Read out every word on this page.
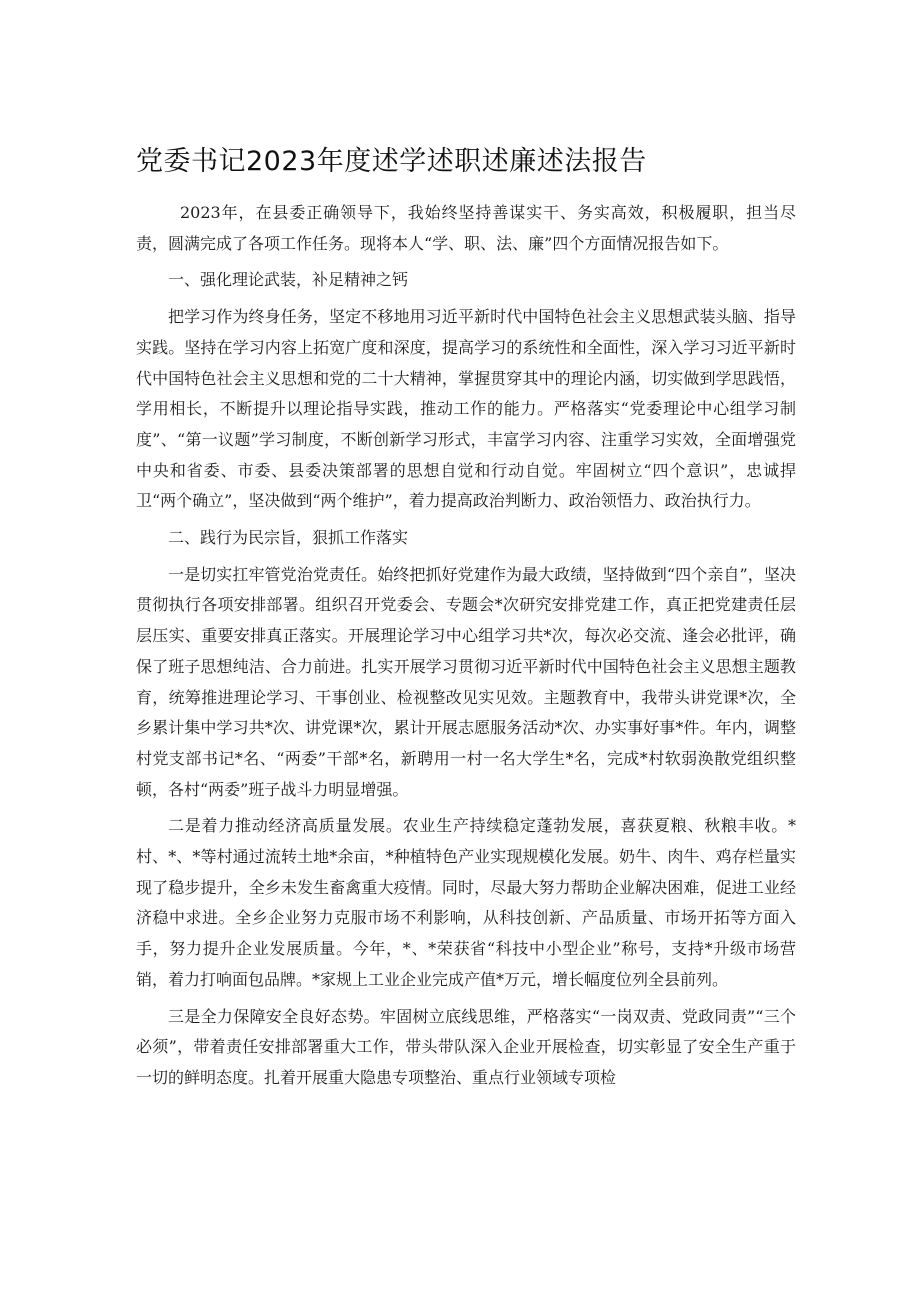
党委书记2023年度述学述职述廉述法报告

2023年，在县委正确领导下，我始终坚持善谋实干、务实高效，积极履职，担当尽责，圆满完成了各项工作任务。现将本人“学、职、法、廉”四个方面情况报告如下。

一、强化理论武装，补足精神之钙

把学习作为终身任务，坚定不移地用习近平新时代中国特色社会主义思想武装头脑、指导实践。坚持在学习内容上拓宽广度和深度，提高学习的系统性和全面性，深入学习习近平新时代中国特色社会主义思想和党的二十大精神，掌握贯穿其中的理论内涵，切实做到学思践悟，学用相长，不断提升以理论指导实践，推动工作的能力。严格落实“党委理论中心组学习制度”、“第一议题”学习制度，不断创新学习形式，丰富学习内容、注重学习实效，全面增强党中央和省委、市委、县委决策部署的思想自觉和行动自觉。牢固树立“四个意识”，忠诚捍卫“两个确立”，坚决做到“两个维护”，着力提高政治判断力、政治领悟力、政治执行力。

二、践行为民宗旨，狠抓工作落实

一是切实扛牢管党治党责任。始终把抓好党建作为最大政绩，坚持做到“四个亲自”，坚决贯彻执行各项安排部署。组织召开党委会、专题会*次研究安排党建工作，真正把党建责任层层压实、重要安排真正落实。开展理论学习中心组学习共*次，每次必交流、逢会必批评，确保了班子思想纯洁、合力前进。扎实开展学习贯彻习近平新时代中国特色社会主义思想主题教育，统筹推进理论学习、干事创业、检视整改见实见效。主题教育中，我带头讲党课*次，全乡累计集中学习共*次、讲党课*次，累计开展志愿服务活动*次、办实事好事*件。年内，调整村党支部书记*名、“两委”干部*名，新聘用一村一名大学生*名，完成*村软弱涣散党组织整顿，各村“两委”班子战斗力明显增强。

二是着力推动经济高质量发展。农业生产持续稳定蓬勃发展，喜获夏粮、秋粮丰收。*村、*、*等村通过流转土地*余亩，*种植特色产业实现规模化发展。奶牛、肉牛、鸡存栏量实现了稳步提升，全乡未发生畜禽重大疫情。同时，尽最大努力帮助企业解决困难，促进工业经济稳中求进。全乡企业努力克服市场不利影响，从科技创新、产品质量、市场开拓等方面入手，努力提升企业发展质量。今年，*、*荣获省“科技中小型企业”称号，支持*升级市场营销，着力打响面包品牌。*家规上工业企业完成产值*万元，增长幅度位列全县前列。

三是全力保障安全良好态势。牢固树立底线思维，严格落实“一岗双责、党政同责”“三个必须”，带着责任安排部署重大工作，带头带队深入企业开展检查，切实彰显了安全生产重于一切的鲜明态度。扎着开展重大隐患专项整治、重点行业领域专项检
